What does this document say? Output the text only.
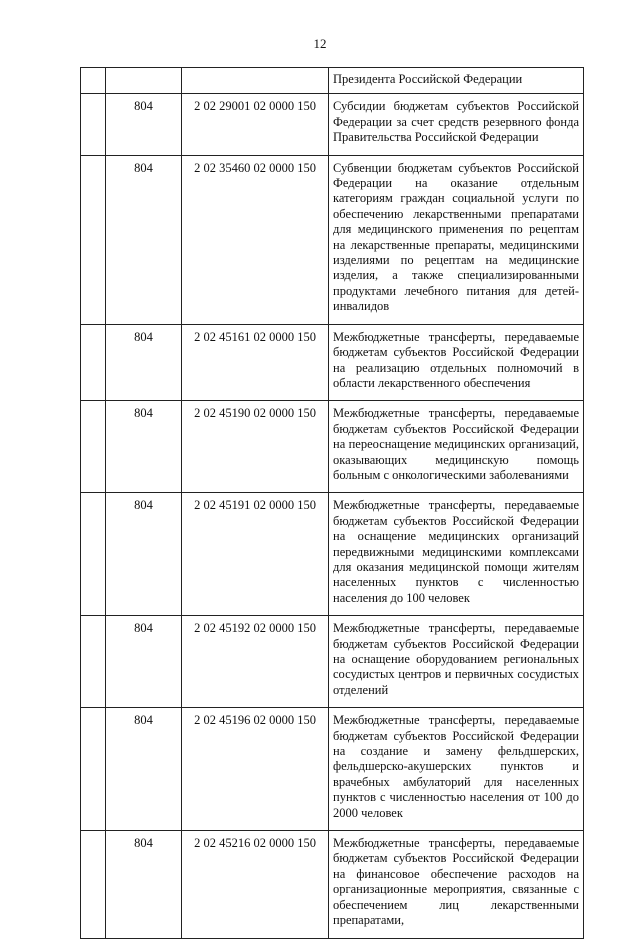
12
			Президента Российской Федерации
	804	2 02 29001 02 0000 150	Субсидии бюджетам субъектов Российской Федерации за счет средств резервного фонда Правительства Российской Федерации
	804	2 02 35460 02 0000 150	Субвенции бюджетам субъектов Российской Федерации на оказание отдельным категориям граждан социальной услуги по обеспечению лекарственными препаратами для медицинского применения по рецептам на лекарственные препараты, медицинскими изделиями по рецептам на медицинские изделия, а также специализированными продуктами лечебного питания для детей-инвалидов
	804	2 02 45161 02 0000 150	Межбюджетные трансферты, передаваемые бюджетам субъектов Российской Федерации на реализацию отдельных полномочий в области лекарственного обеспечения
	804	2 02 45190 02 0000 150	Межбюджетные трансферты, передаваемые бюджетам субъектов Российской Федерации на переоснащение медицинских организаций, оказывающих медицинскую помощь больным с онкологическими заболеваниями
	804	2 02 45191 02 0000 150	Межбюджетные трансферты, передаваемые бюджетам субъектов Российской Федерации на оснащение медицинских организаций передвижными медицинскими комплексами для оказания медицинской помощи жителям населенных пунктов с численностью населения до 100 человек
	804	2 02 45192 02 0000 150	Межбюджетные трансферты, передаваемые бюджетам субъектов Российской Федерации на оснащение оборудованием региональных сосудистых центров и первичных сосудистых отделений
	804	2 02 45196 02 0000 150	Межбюджетные трансферты, передаваемые бюджетам субъектов Российской Федерации на создание и замену фельдшерских, фельдшерско-акушерских пунктов и врачебных амбулаторий для населенных пунктов с численностью населения от 100 до 2000 человек
	804	2 02 45216 02 0000 150	Межбюджетные трансферты, передаваемые бюджетам субъектов Российской Федерации на финансовое обеспечение расходов на организационные мероприятия, связанные с обеспечением лиц лекарственными препаратами,
